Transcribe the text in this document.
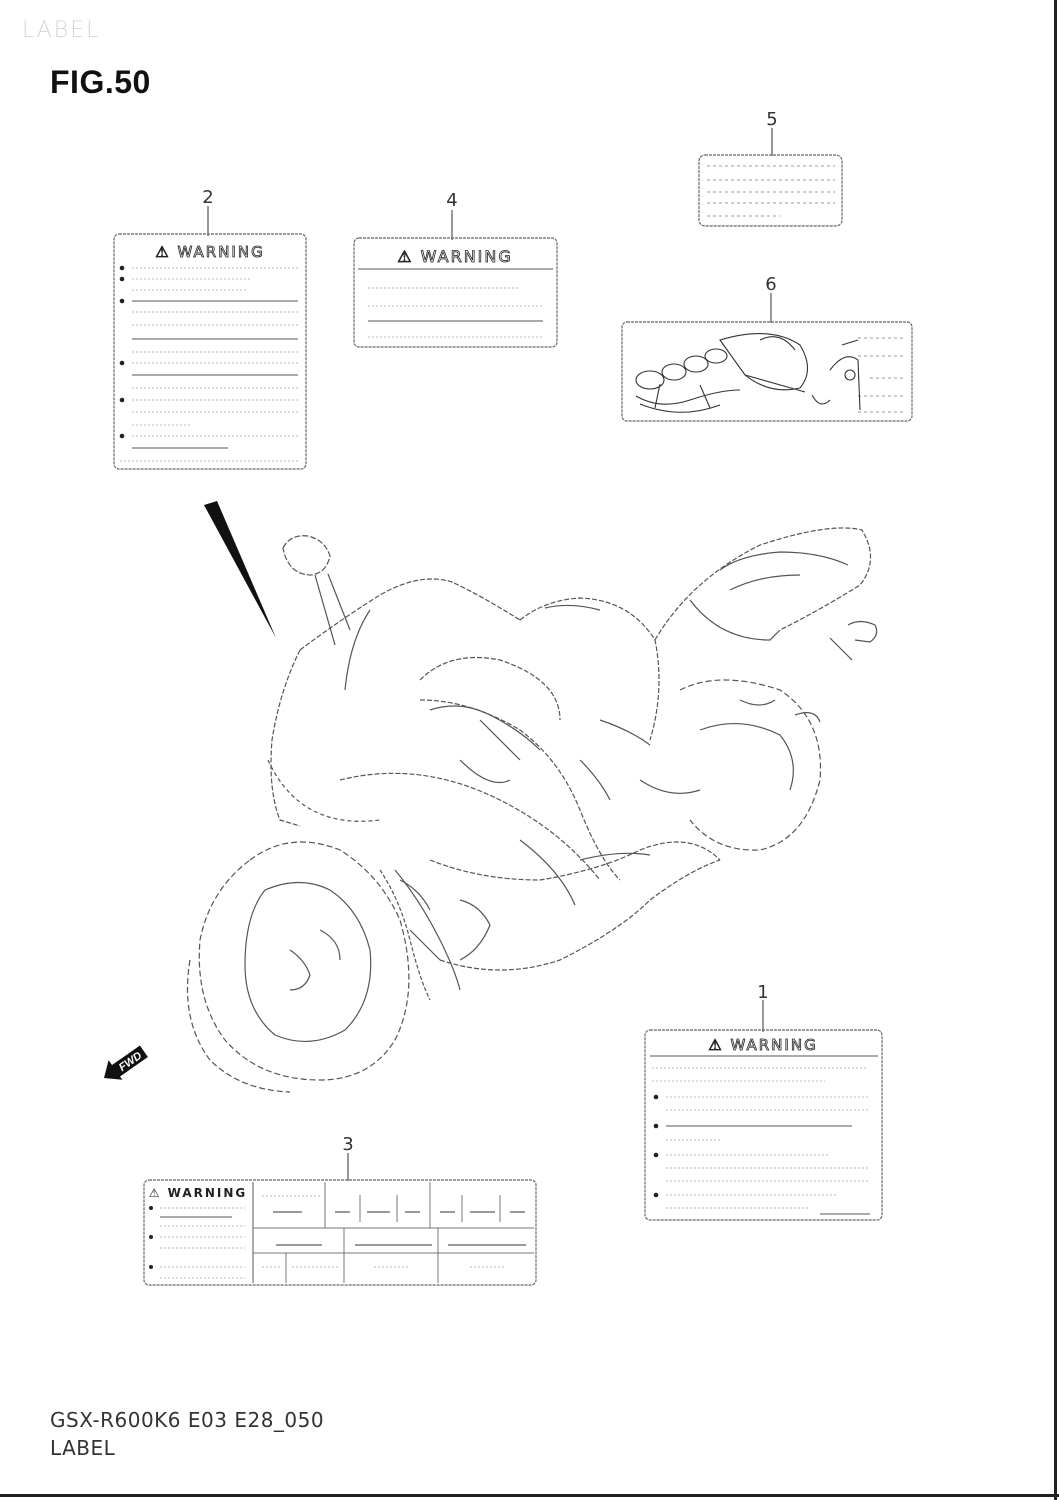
LABEL
FIG.50
2	4
5
6
1
3
⚠ WARNING	⚠ WARNING
⚠ WARNING
⚠ WARNING
FWD
GSX-R600K6 E03 E28_050
LABEL
